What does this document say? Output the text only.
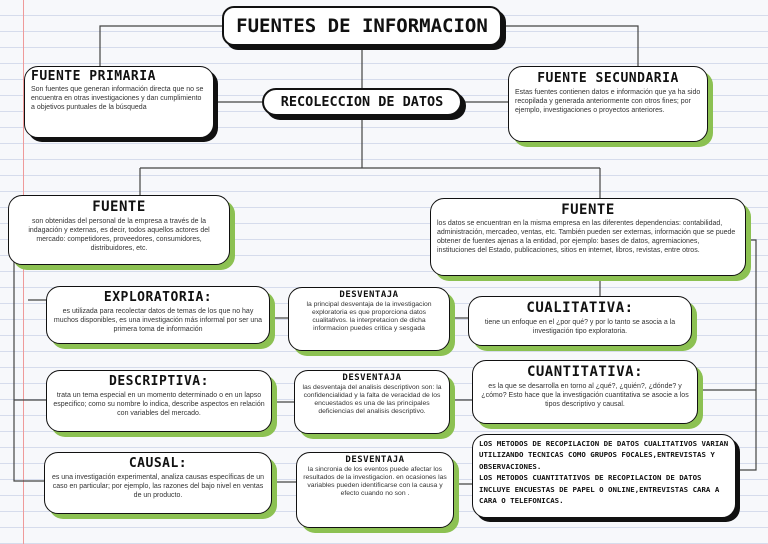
FUENTES DE INFORMACION
RECOLECCION DE DATOS
FUENTE PRIMARIA
Son fuentes que generan información directa que no se encuentra en otras investigaciones y dan cumplimiento a objetivos puntuales de la búsqueda
FUENTE SECUNDARIA
Estas fuentes contienen datos e información que ya ha sido recopilada y generada anteriormente con otros fines; por ejemplo, investigaciones o proyectos anteriores.
FUENTE
son obtenidas del personal de la empresa a través de la indagación y externas, es decir, todos aquellos actores del mercado: competidores, proveedores, consumidores, distribuidores, etc.
FUENTE
los datos se encuentran en la misma empresa en las diferentes dependencias: contabilidad, administración, mercadeo, ventas, etc. También pueden ser externas, información que se puede obtener de fuentes ajenas a la entidad, por ejemplo: bases de datos, agremiaciones, instituciones del Estado, publicaciones, sitios en internet, libros, revistas, entre otros.
EXPLORATORIA:
es utilizada para recolectar datos de temas de los que no hay muchos disponibles, es una investigación más informal por ser una primera toma de información
DESCRIPTIVA:
trata un tema especial en un momento determinado o en un lapso especifico; como su nombre lo indica, describe aspectos en relación con variables del mercado.
CAUSAL:
es una investigación experimental, analiza causas específicas de un caso en particular; por ejemplo, las razones del bajo nivel en ventas de un producto.
DESVENTAJA
la principal desventaja de la investigacion exploratoria es que proporciona datos cualitativos. la interpretacion de dicha informacion puedes critica y sesgada
DESVENTAJA
las desventaja del analisis descriptivon son: la confidencialidad y la falta de veracidad de los encuestados es una de las principales deficiencias del analisis descriptivo.
DESVENTAJA
la sincronia de los eventos puede afectar los resultados de la investigacion. en ocasiones las variables pueden identificarse con la causa y efecto cuando no son .
CUALITATIVA:
tiene un enfoque en el ¿por qué? y por lo tanto se asocia a la investigación tipo exploratoria.
CUANTITATIVA:
es la que se desarrolla en torno al ¿qué?, ¿quién?, ¿dónde? y ¿cómo? Esto hace que la investigación cuantitativa se asocie a los tipos descriptivo y causal.
LOS METODOS DE RECOPILACION DE DATOS CUALITATIVOS VARIAN UTILIZANDO TECNICAS COMO GRUPOS FOCALES,ENTREVISTAS Y OBSERVACIONES.
LOS METODOS CUANTITATIVOS DE RECOPILACION DE DATOS INCLUYE ENCUESTAS DE PAPEL O ONLINE,ENTREVISTAS CARA A CARA O TELEFONICAS.
